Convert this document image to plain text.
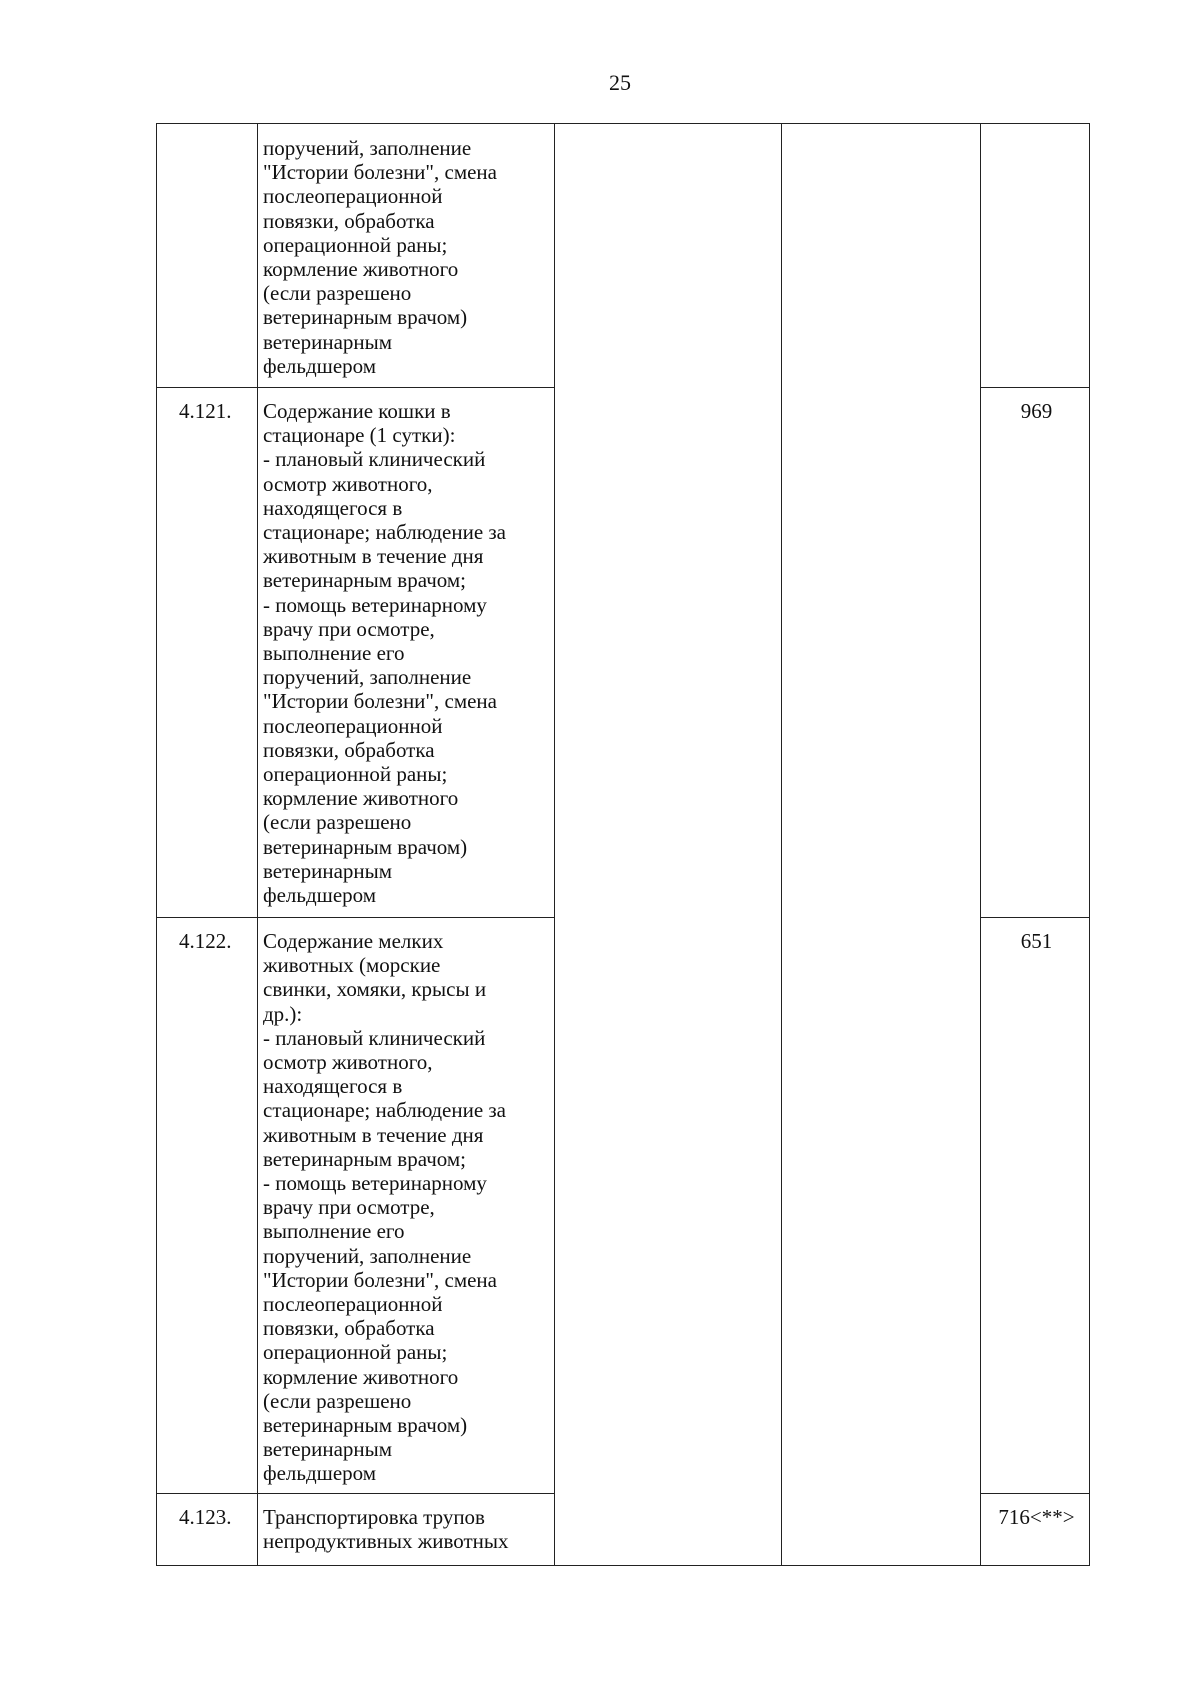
25
поручений, заполнение
"Истории болезни", смена
послеоперационной
повязки, обработка
операционной раны;
кормление животного
(если разрешено
ветеринарным врачом)
ветеринарным
фельдшером
4.121. Содержание кошки в
стационаре (1 сутки):
- плановый клинический
осмотр животного,
находящегося в
стационаре; наблюдение за
животным в течение дня
ветеринарным врачом;
- помощь ветеринарному
врачу при осмотре,
выполнение его
поручений, заполнение
"Истории болезни", смена
послеоперационной
повязки, обработка
операционной раны;
кормление животного
(если разрешено
ветеринарным врачом)
ветеринарным
фельдшером
969
4.122. Содержание мелких
животных (морские
свинки, хомяки, крысы и
др.):
- плановый клинический
осмотр животного,
находящегося в
стационаре; наблюдение за
животным в течение дня
ветеринарным врачом;
- помощь ветеринарному
врачу при осмотре,
выполнение его
поручений, заполнение
"Истории болезни", смена
послеоперационной
повязки, обработка
операционной раны;
кормление животного
(если разрешено
ветеринарным врачом)
ветеринарным
фельдшером
651
4.123. Транспортировка трупов
непродуктивных животных
716<**>
